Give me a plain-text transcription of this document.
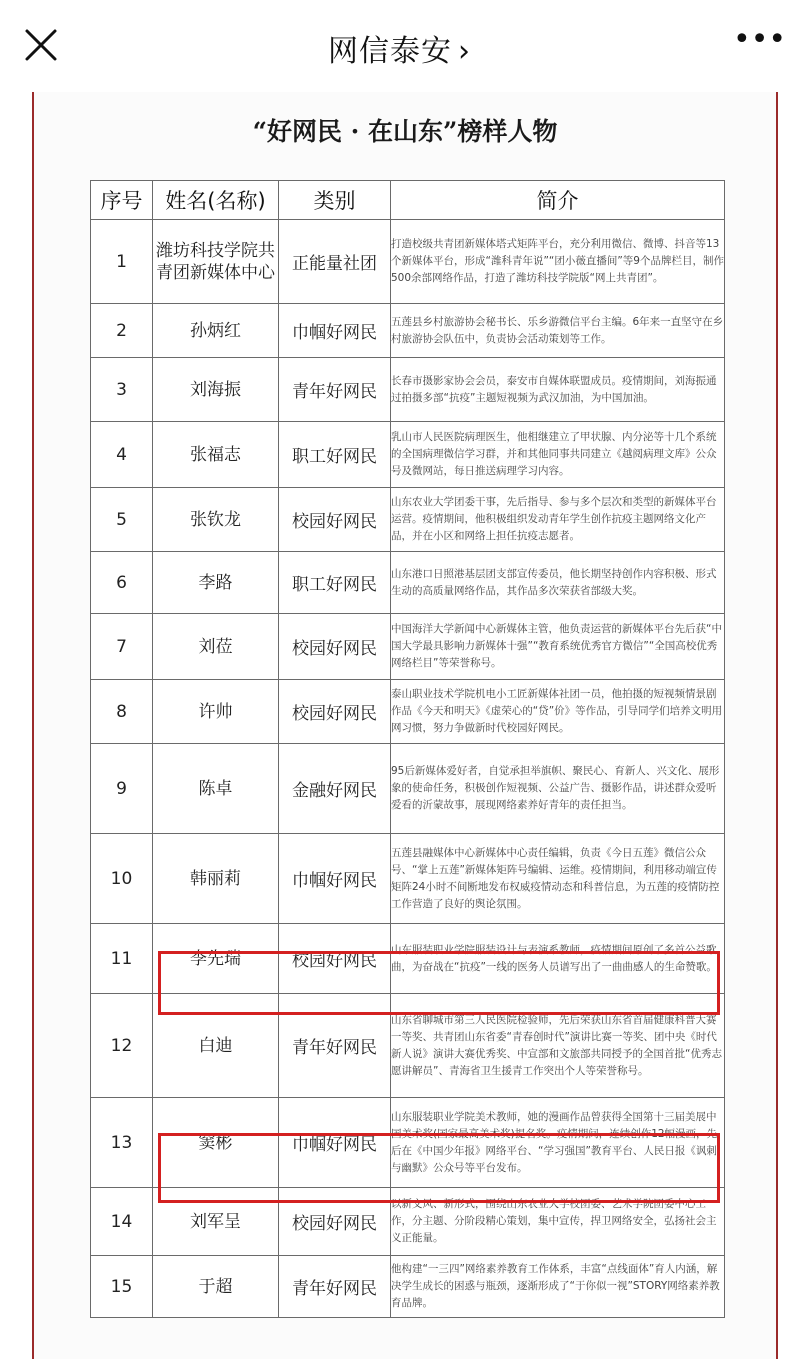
网信泰安 ›	•••
“好网民 · 在山东”榜样人物
序号	姓名(名称)	类别	简介
1	潍坊科技学院共青团新媒体中心	正能量社团	打造校级共青团新媒体塔式矩阵平台，充分利用微信、微博、抖音等13个新媒体平台，形成“潍科青年说”“团小薇直播间”等9个品牌栏目，制作500余部网络作品，打造了潍坊科技学院版“网上共青团”。
2	孙炳红	巾帼好网民	五莲县乡村旅游协会秘书长、乐乡游微信平台主编。6年来一直坚守在乡村旅游协会队伍中，负责协会活动策划等工作。
3	刘海振	青年好网民	长春市摄影家协会会员，泰安市自媒体联盟成员。疫情期间，刘海振通过拍摄多部“抗疫”主题短视频为武汉加油，为中国加油。
4	张福志	职工好网民	乳山市人民医院病理医生，他相继建立了甲状腺、内分泌等十几个系统的全国病理微信学习群，并和其他同事共同建立《越阅病理文库》公众号及微网站，每日推送病理学习内容。
5	张钦龙	校园好网民	山东农业大学团委干事，先后指导、参与多个层次和类型的新媒体平台运营。疫情期间，他积极组织发动青年学生创作抗疫主题网络文化产品，并在小区和网络上担任抗疫志愿者。
6	李路	职工好网民	山东港口日照港基层团支部宣传委员，他长期坚持创作内容积极、形式生动的高质量网络作品，其作品多次荣获省部级大奖。
7	刘莅	校园好网民	中国海洋大学新闻中心新媒体主管，他负责运营的新媒体平台先后获“中国大学最具影响力新媒体十强”“教育系统优秀官方微信”“全国高校优秀网络栏目”等荣誉称号。
8	许帅	校园好网民	泰山职业技术学院机电小工匠新媒体社团一员，他拍摄的短视频情景剧作品《今天和明天》《虚荣心的“贷”价》等作品，引导同学们培养文明用网习惯，努力争做新时代校园好网民。
9	陈卓	金融好网民	95后新媒体爱好者，自觉承担举旗帜、聚民心、育新人、兴文化、展形象的使命任务，积极创作短视频、公益广告、摄影作品，讲述群众爱听爱看的沂蒙故事，展现网络素养好青年的责任担当。
10	韩丽莉	巾帼好网民	五莲县融媒体中心新媒体中心责任编辑，负责《今日五莲》微信公众号、“掌上五莲”新媒体矩阵号编辑、运维。疫情期间，利用移动端宣传矩阵24小时不间断地发布权威疫情动态和科普信息，为五莲的疫情防控工作营造了良好的舆论氛围。
11	李先瑞	校园好网民	山东服装职业学院服装设计与表演系教师，疫情期间原创了多首公益歌曲，为奋战在“抗疫”一线的医务人员谱写出了一曲曲感人的生命赞歌。
12	白迪	青年好网民	山东省聊城市第三人民医院检验师，先后荣获山东省首届健康科普大赛一等奖、共青团山东省委“青春创时代”演讲比赛一等奖、团中央《时代新人说》演讲大赛优秀奖、中宣部和文旅部共同授予的全国首批“优秀志愿讲解员”、青海省卫生援青工作突出个人等荣誉称号。
13	窦彬	巾帼好网民	山东服装职业学院美术教师，她的漫画作品曾获得全国第十三届美展中国美术奖(国家最高美术奖)提名奖。疫情期间，连续创作12幅漫画，先后在《中国少年报》网络平台、“学习强国”教育平台、人民日报《讽刺与幽默》公众号等平台发布。
14	刘军呈	校园好网民	以新文风、新形式，围绕山东农业大学校团委、艺术学院团委中心工作，分主题、分阶段精心策划，集中宣传，捍卫网络安全，弘扬社会主义正能量。
15	于超	青年好网民	他构建“一三四”网络素养教育工作体系，丰富“点线面体”育人内涵，解决学生成长的困惑与瓶颈，逐渐形成了“于你似一视”STORY网络素养教育品牌。
